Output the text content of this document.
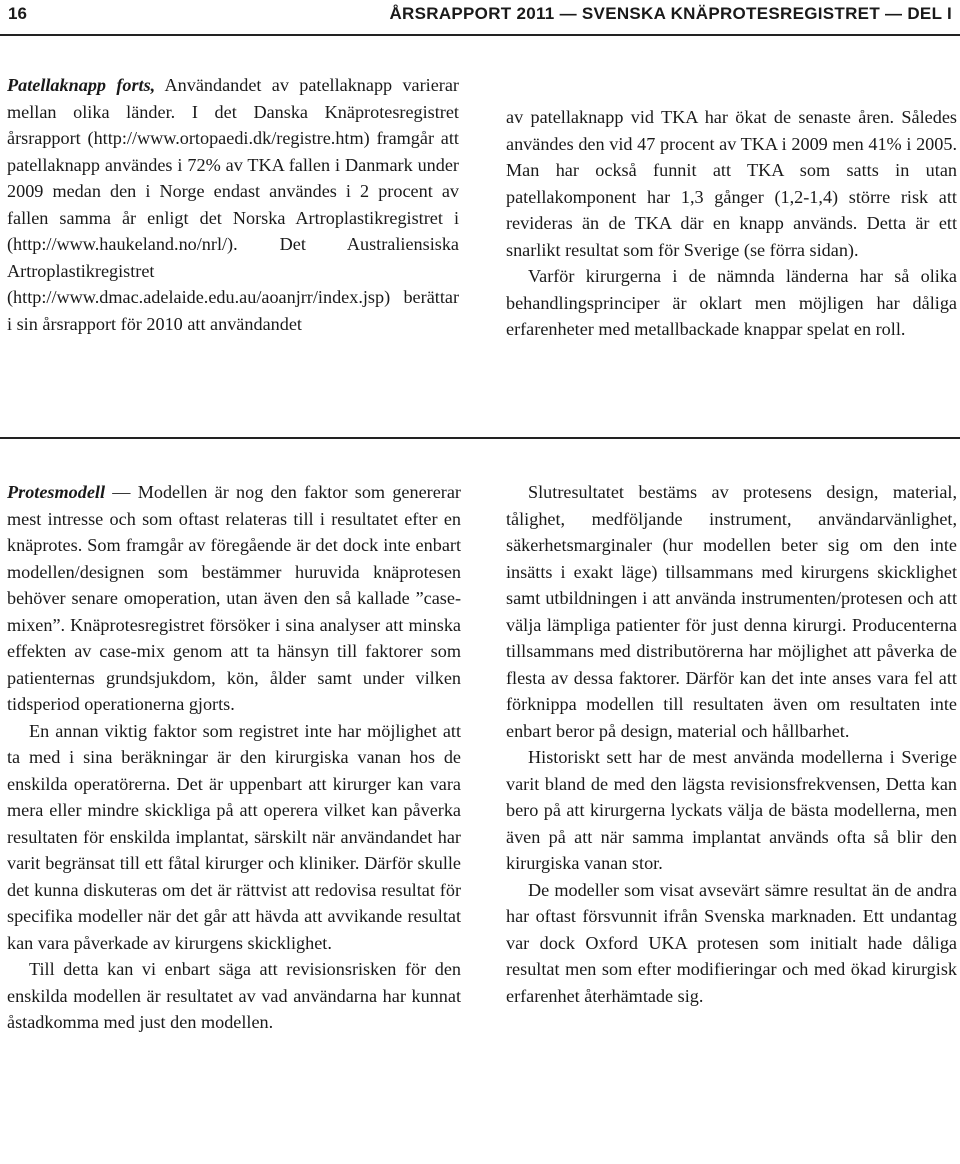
16	ÅRSRAPPORT 2011 — SVENSKA KNÄPROTESREGISTRET — DEL I

Patellaknapp forts, Användandet av patellaknapp varierar mellan olika länder. I det Danska Knäprotesregistret årsrapport (http://www.ortopaedi.dk/registre.htm) framgår att patellaknapp användes i 72% av TKA fallen i Danmark under 2009 medan den i Norge endast användes i 2 procent av fallen samma år enligt det Norska Artroplastikregistret i (http://www.haukeland.no/nrl/). Det Australiensiska Artroplastikregistret (http://www.dmac.adelaide.edu.au/aoanjrr/index.jsp) berättar i sin årsrapport för 2010 att användandet

av patellaknapp vid TKA har ökat de senaste åren. Således användes den vid 47 procent av TKA i 2009 men 41% i 2005. Man har också funnit att TKA som satts in utan patellakomponent har 1,3 gånger (1,2-1,4) större risk att revideras än de TKA där en knapp används. Detta är ett snarlikt resultat som för Sverige (se förra sidan).

Varför kirurgerna i de nämnda länderna har så olika behandlingsprinciper är oklart men möjligen har dåliga erfarenheter med metallbackade knappar spelat en roll.

Protesmodell — Modellen är nog den faktor som genererar mest intresse och som oftast relateras till i resultatet efter en knäprotes. Som framgår av föregående är det dock inte enbart modellen/designen som bestämmer huruvida knäprotesen behöver senare omoperation, utan även den så kallade ”case-mixen”. Knäprotesregistret försöker i sina analyser att minska effekten av case-mix genom att ta hänsyn till faktorer som patienternas grundsjukdom, kön, ålder samt under vilken tidsperiod operationerna gjorts.

En annan viktig faktor som registret inte har möjlighet att ta med i sina beräkningar är den kirurgiska vanan hos de enskilda operatörerna. Det är uppenbart att kirurger kan vara mera eller mindre skickliga på att operera vilket kan påverka resultaten för enskilda implantat, särskilt när användandet har varit begränsat till ett fåtal kirurger och kliniker. Därför skulle det kunna diskuteras om det är rättvist att redovisa resultat för specifika modeller när det går att hävda att avvikande resultat kan vara påverkade av kirurgens skicklighet.

Till detta kan vi enbart säga att revisionsrisken för den enskilda modellen är resultatet av vad användarna har kunnat åstadkomma med just den modellen.

Slutresultatet bestäms av protesens design, material, tålighet, medföljande instrument, användarvänlighet, säkerhetsmarginaler (hur modellen beter sig om den inte insätts i exakt läge) tillsammans med kirurgens skicklighet samt utbildningen i att använda instrumenten/protesen och att välja lämpliga patienter för just denna kirurgi. Producenterna tillsammans med distributörerna har möjlighet att påverka de flesta av dessa faktorer. Därför kan det inte anses vara fel att förknippa modellen till resultaten även om resultaten inte enbart beror på design, material och hållbarhet.

Historiskt sett har de mest använda modellerna i Sverige varit bland de med den lägsta revisionsfrekvensen, Detta kan bero på att kirurgerna lyckats välja de bästa modellerna, men även på att när samma implantat används ofta så blir den kirurgiska vanan stor.

De modeller som visat avsevärt sämre resultat än de andra har oftast försvunnit ifrån Svenska marknaden. Ett undantag var dock Oxford UKA protesen som initialt hade dåliga resultat men som efter modifieringar och med ökad kirurgisk erfarenhet återhämtade sig.
